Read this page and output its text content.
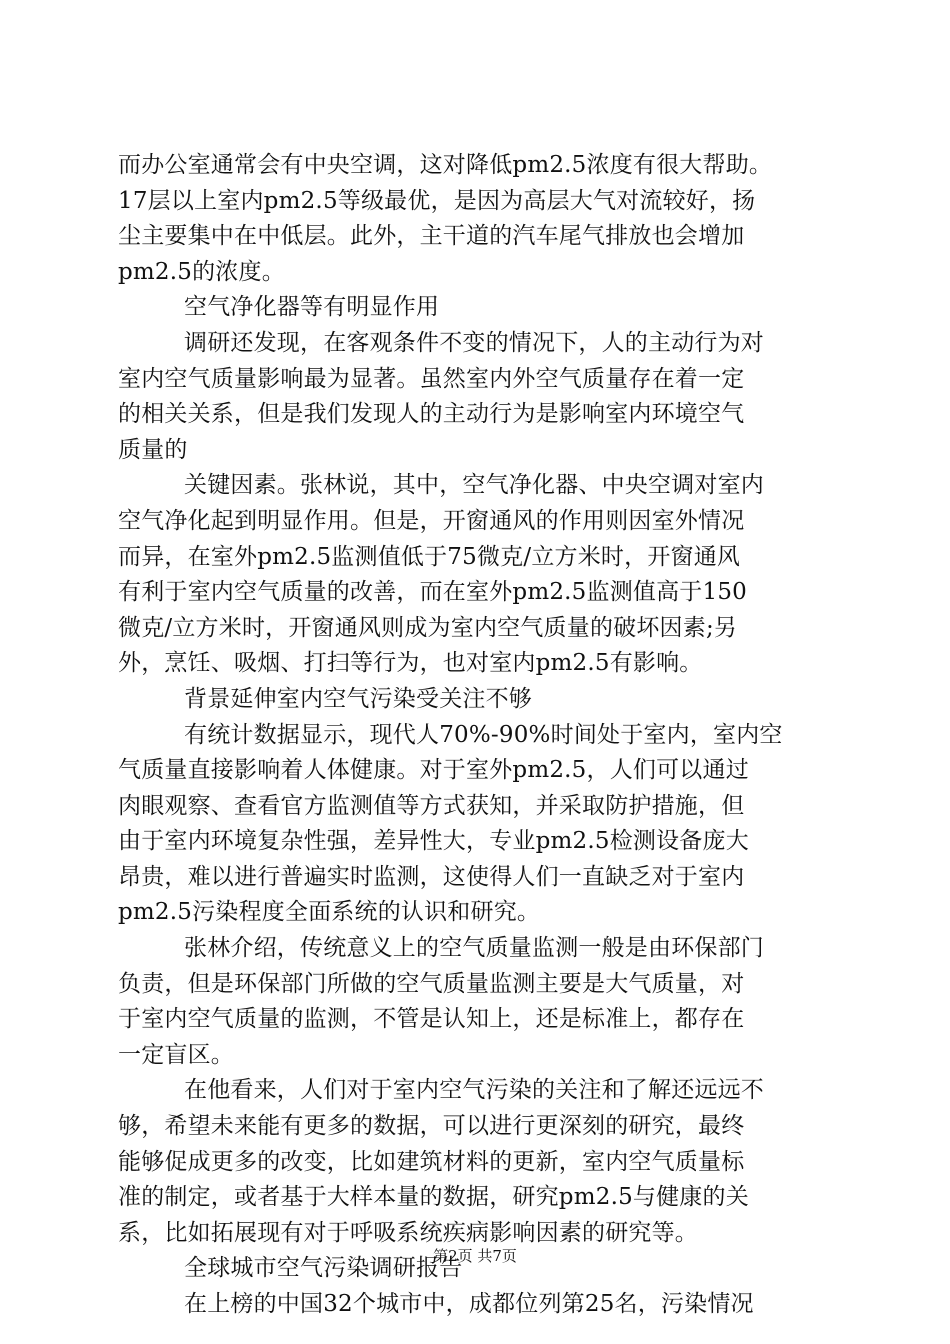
而办公室通常会有中央空调，这对降低pm2.5浓度有很大帮助。
17层以上室内pm2.5等级最优，是因为高层大气对流较好，扬
尘主要集中在中低层。此外，主干道的汽车尾气排放也会增加
pm2.5的浓度。
空气净化器等有明显作用
调研还发现，在客观条件不变的情况下，人的主动行为对
室内空气质量影响最为显著。虽然室内外空气质量存在着一定
的相关关系，但是我们发现人的主动行为是影响室内环境空气
质量的
关键因素。张林说，其中，空气净化器、中央空调对室内
空气净化起到明显作用。但是，开窗通风的作用则因室外情况
而异，在室外pm2.5监测值低于75微克/立方米时，开窗通风
有利于室内空气质量的改善，而在室外pm2.5监测值高于150
微克/立方米时，开窗通风则成为室内空气质量的破坏因素;另
外，烹饪、吸烟、打扫等行为，也对室内pm2.5有影响。
背景延伸室内空气污染受关注不够
有统计数据显示，现代人70%-90%时间处于室内，室内空
气质量直接影响着人体健康。对于室外pm2.5，人们可以通过
肉眼观察、查看官方监测值等方式获知，并采取防护措施，但
由于室内环境复杂性强，差异性大，专业pm2.5检测设备庞大
昂贵，难以进行普遍实时监测，这使得人们一直缺乏对于室内
pm2.5污染程度全面系统的认识和研究。
张林介绍，传统意义上的空气质量监测一般是由环保部门
负责，但是环保部门所做的空气质量监测主要是大气质量，对
于室内空气质量的监测，不管是认知上，还是标准上，都存在
一定盲区。
在他看来，人们对于室内空气污染的关注和了解还远远不
够，希望未来能有更多的数据，可以进行更深刻的研究，最终
能够促成更多的改变，比如建筑材料的更新，室内空气质量标
准的制定，或者基于大样本量的数据，研究pm2.5与健康的关
系，比如拓展现有对于呼吸系统疾病影响因素的研究等。
全球城市空气污染调研报告
在上榜的中国32个城市中，成都位列第25名，污染情况
第2页 共7页
